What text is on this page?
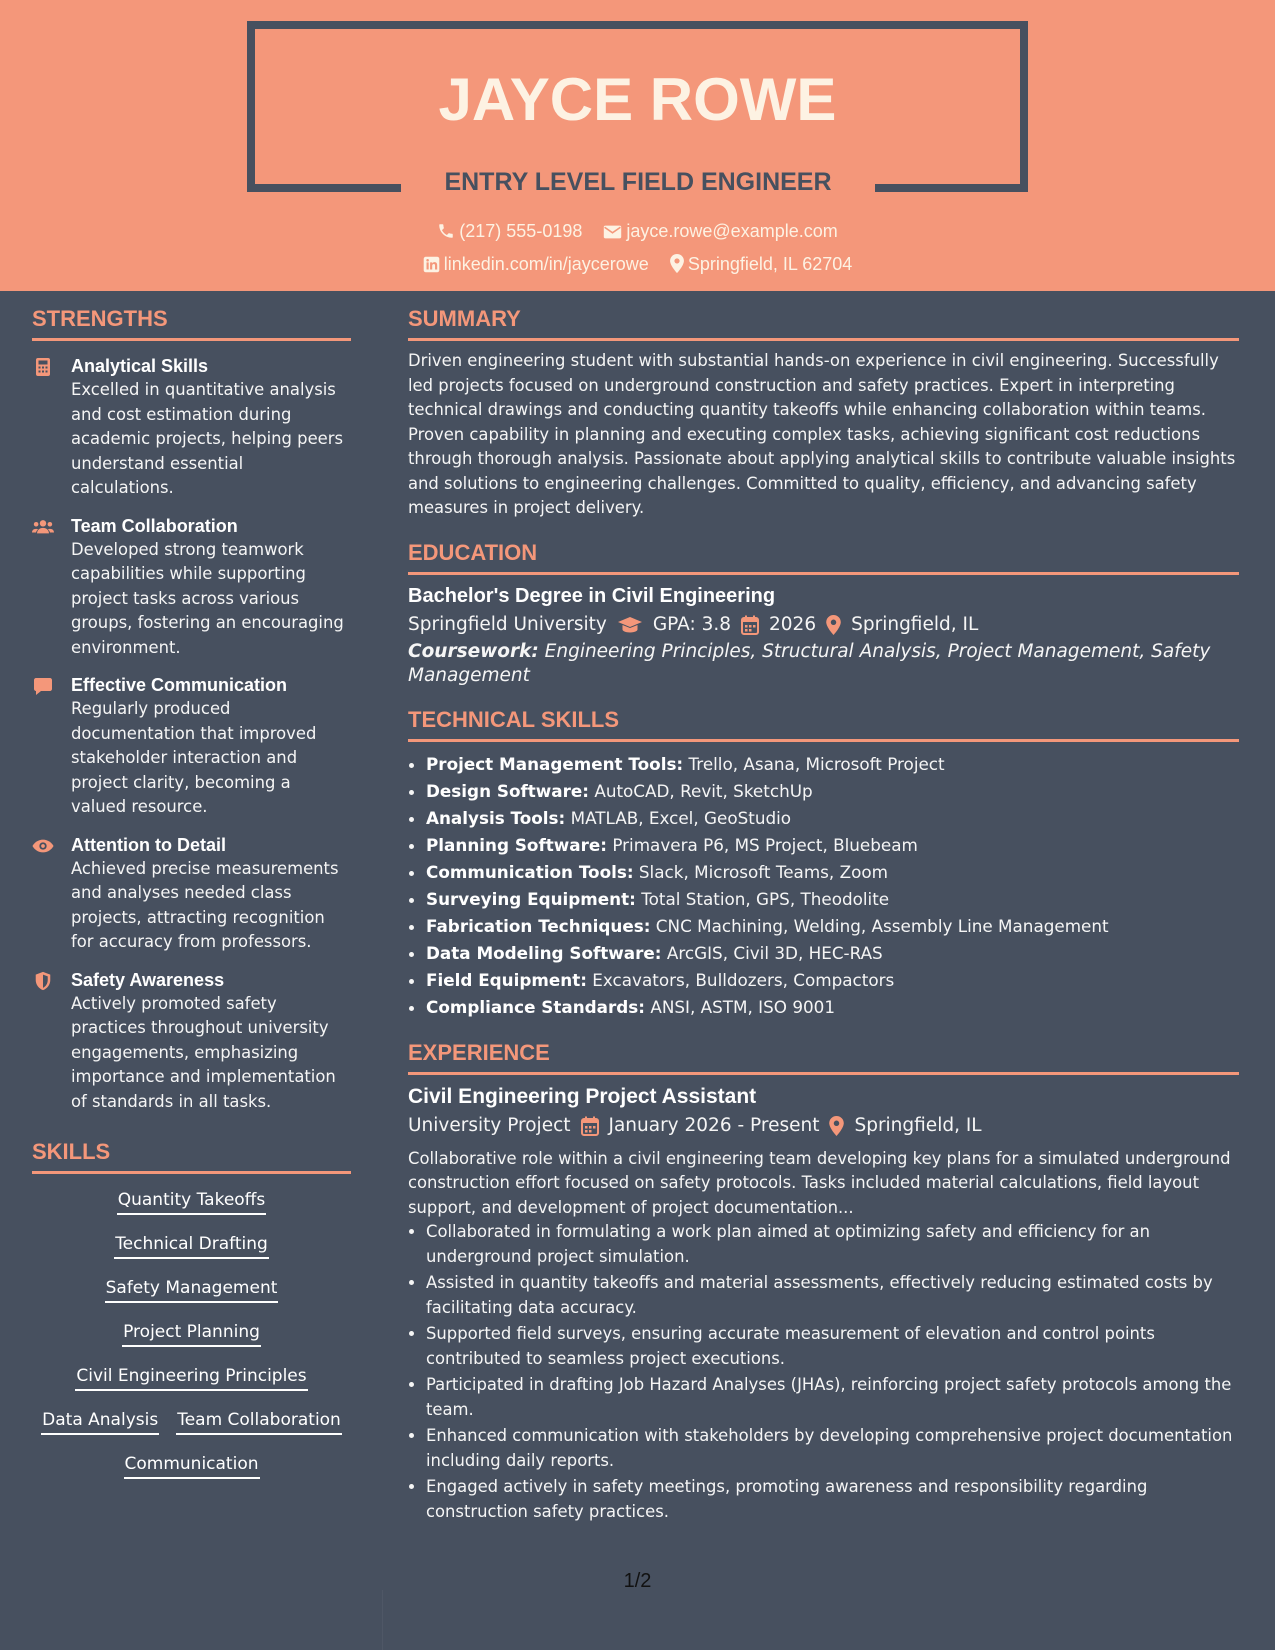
JAYCE ROWE
ENTRY LEVEL FIELD ENGINEER
(217) 555-0198 jayce.rowe@example.com
linkedin.com/in/jaycerowe Springfield, IL 62704
STRENGTHS
Analytical Skills
Excelled in quantitative analysis and cost estimation during academic projects, helping peers understand essential calculations.
Team Collaboration
Developed strong teamwork capabilities while supporting project tasks across various groups, fostering an encouraging environment.
Effective Communication
Regularly produced documentation that improved stakeholder interaction and project clarity, becoming a valued resource.
Attention to Detail
Achieved precise measurements and analyses needed class projects, attracting recognition for accuracy from professors.
Safety Awareness
Actively promoted safety practices throughout university engagements, emphasizing importance and implementation of standards in all tasks.
SKILLS
Quantity Takeoffs
Technical Drafting
Safety Management
Project Planning
Civil Engineering Principles
Data Analysis Team Collaboration
Communication
SUMMARY

Driven engineering student with substantial hands-on experience in civil engineering. Successfully led projects focused on underground construction and safety practices. Expert in interpreting technical drawings and conducting quantity takeoffs while enhancing collaboration within teams. Proven capability in planning and executing complex tasks, achieving significant cost reductions through thorough analysis. Passionate about applying analytical skills to contribute valuable insights and solutions to engineering challenges. Committed to quality, efficiency, and advancing safety measures in project delivery.

EDUCATION
Bachelor's Degree in Civil Engineering
Springfield University GPA: 3.8 2026 Springfield, IL
Coursework: Engineering Principles, Structural Analysis, Project Management, Safety Management
TECHNICAL SKILLS
• Project Management Tools: Trello, Asana, Microsoft Project
• Design Software: AutoCAD, Revit, SketchUp
• Analysis Tools: MATLAB, Excel, GeoStudio
• Planning Software: Primavera P6, MS Project, Bluebeam
• Communication Tools: Slack, Microsoft Teams, Zoom
• Surveying Equipment: Total Station, GPS, Theodolite
• Fabrication Techniques: CNC Machining, Welding, Assembly Line Management
• Data Modeling Software: ArcGIS, Civil 3D, HEC-RAS
• Field Equipment: Excavators, Bulldozers, Compactors
• Compliance Standards: ANSI, ASTM, ISO 9001
EXPERIENCE
Civil Engineering Project Assistant
University Project January 2026 - Present Springfield, IL

Collaborative role within a civil engineering team developing key plans for a simulated underground construction effort focused on safety protocols. Tasks included material calculations, field layout support, and development of project documentation...

• Collaborated in formulating a work plan aimed at optimizing safety and efficiency for an underground project simulation.
• Assisted in quantity takeoffs and material assessments, effectively reducing estimated costs by facilitating data accuracy.
• Supported field surveys, ensuring accurate measurement of elevation and control points contributed to seamless project executions.
• Participated in drafting Job Hazard Analyses (JHAs), reinforcing project safety protocols among the team.
• Enhanced communication with stakeholders by developing comprehensive project documentation including daily reports.
• Engaged actively in safety meetings, promoting awareness and responsibility regarding construction safety practices.
1/2
